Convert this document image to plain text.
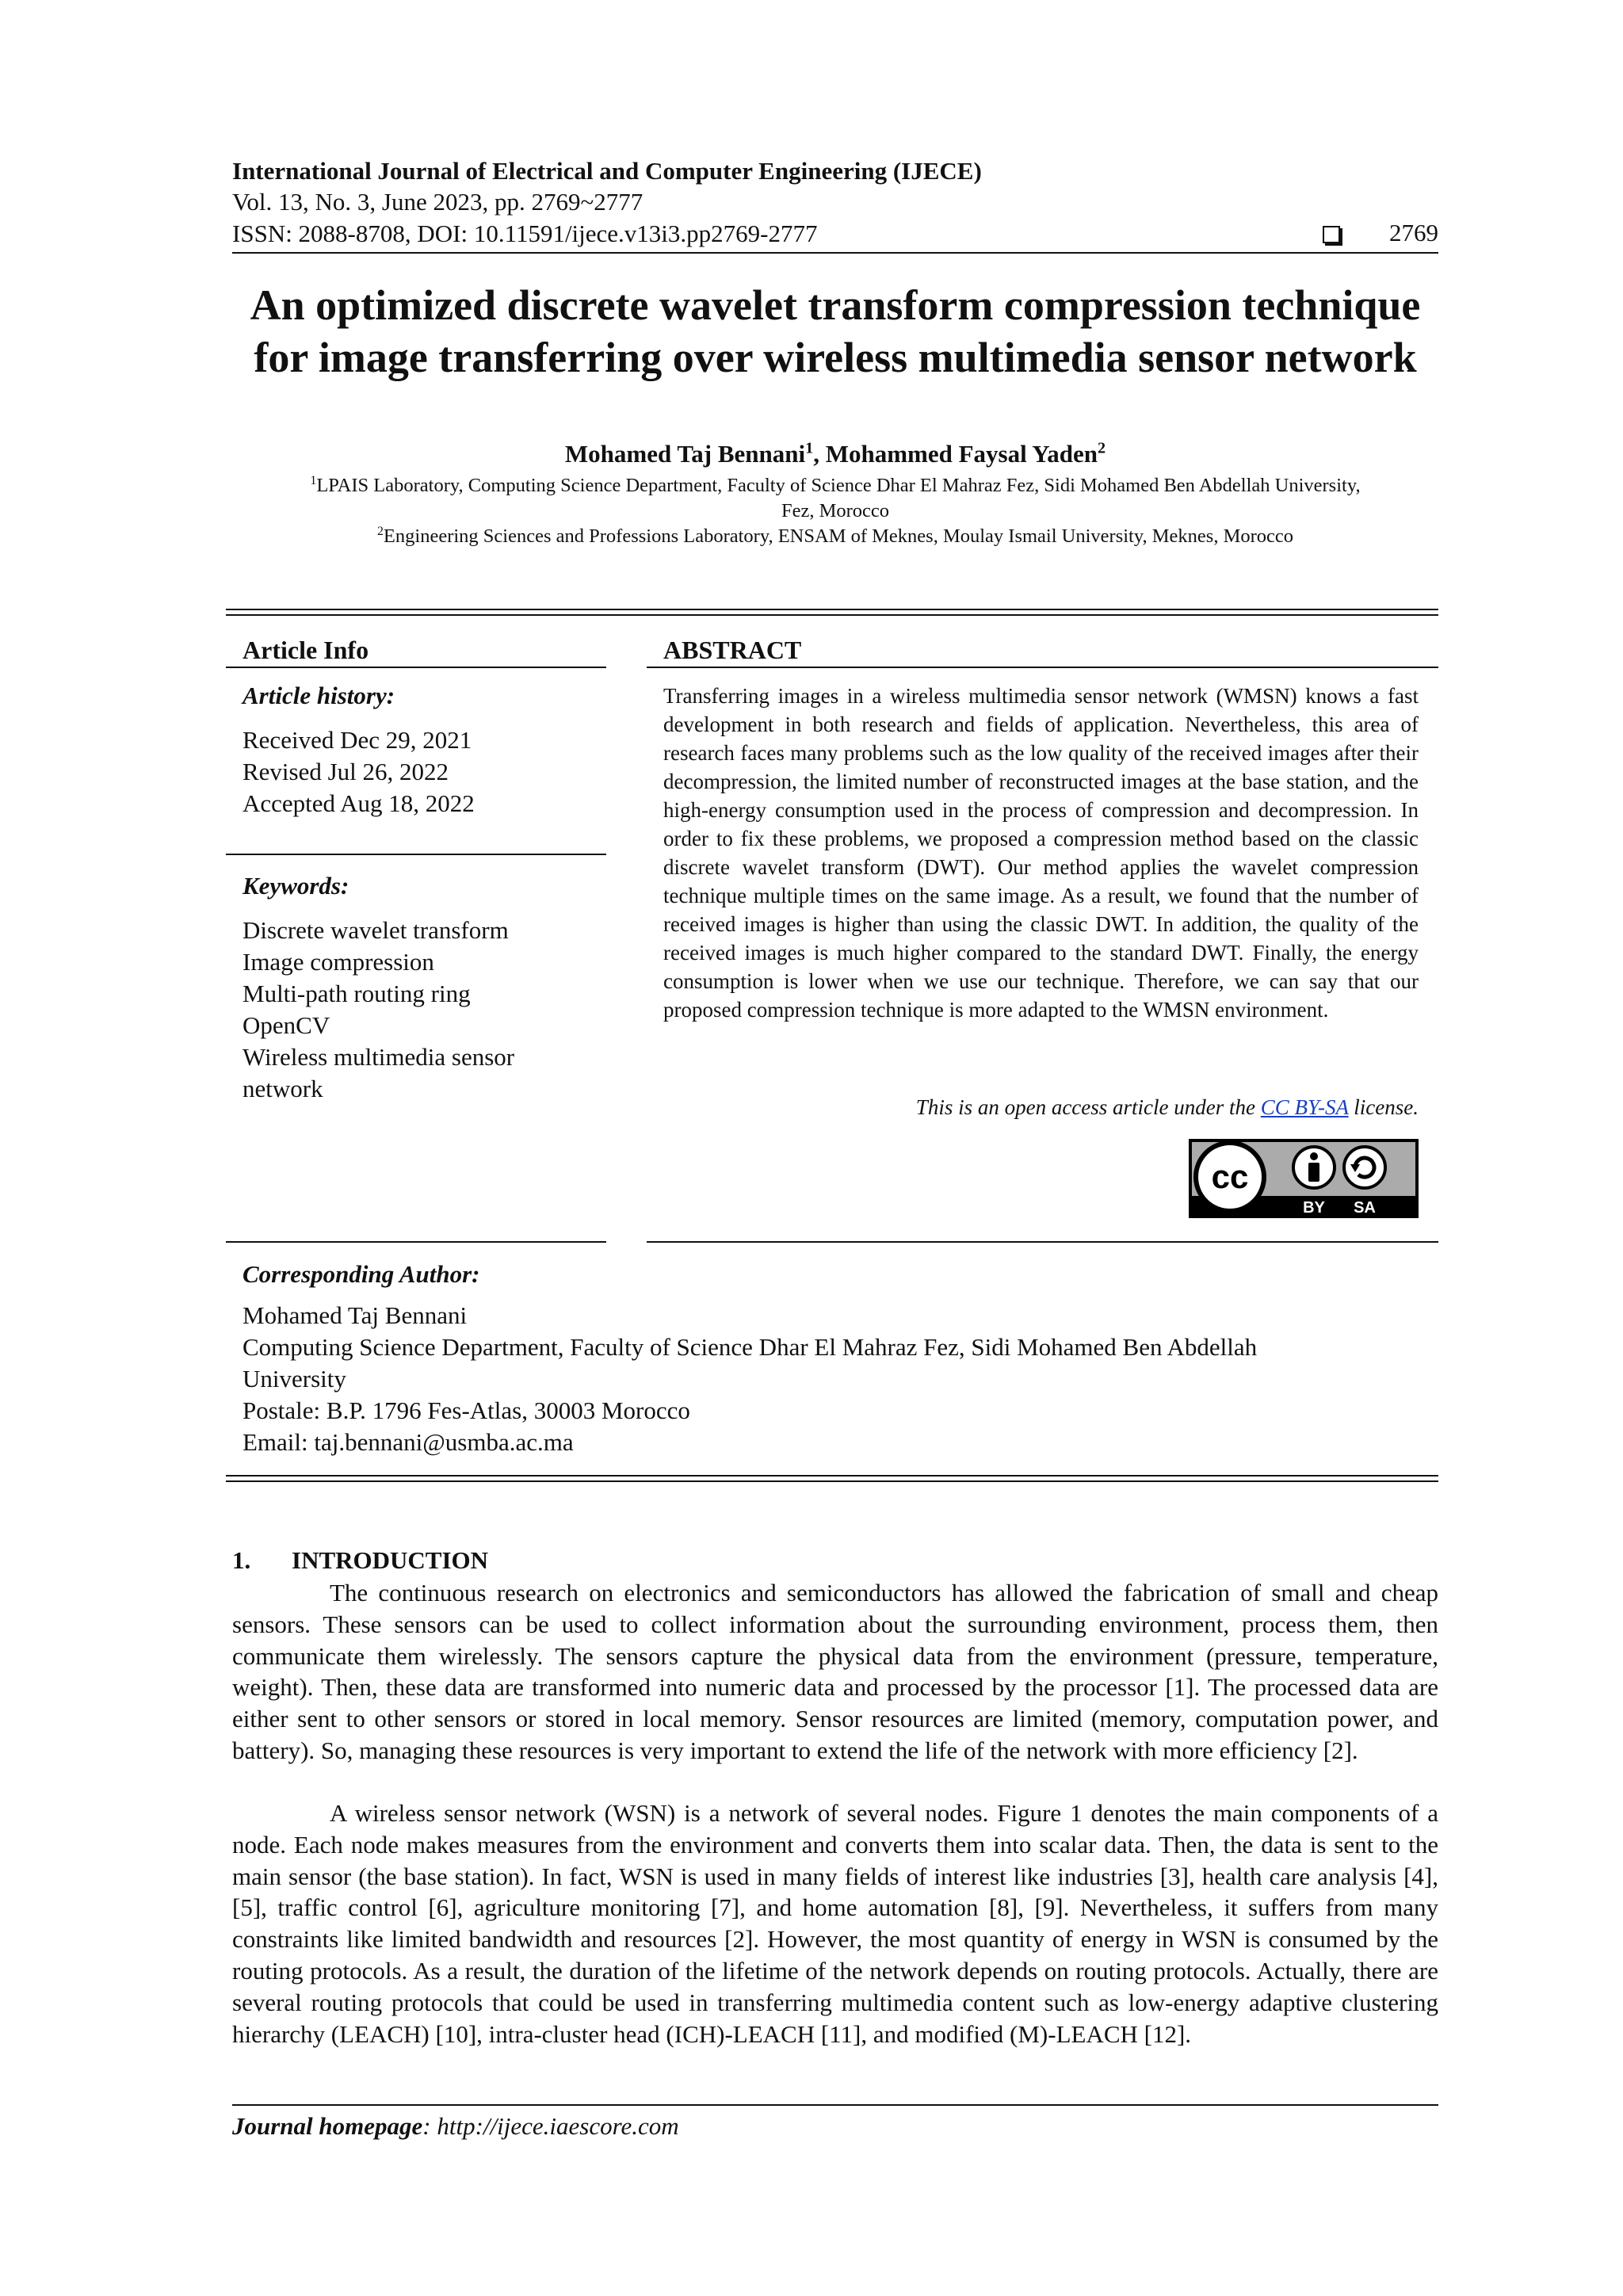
International Journal of Electrical and Computer Engineering (IJECE)
Vol. 13, No. 3, June 2023, pp. 2769~2777
ISSN: 2088-8708, DOI: 10.11591/ijece.v13i3.pp2769-2777	2769
An optimized discrete wavelet transform compression technique
for image transferring over wireless multimedia sensor network
Mohamed Taj Bennani$^1$, Mohammed Faysal Yaden$^2$
$^1$LPAIS Laboratory, Computing Science Department, Faculty of Science Dhar El Mahraz Fez, Sidi Mohamed Ben Abdellah University,
Fez, Morocco
$^2$Engineering Sciences and Professions Laboratory, ENSAM of Meknes, Moulay Ismail University, Meknes, Morocco
Article Info
Article history:
Received Dec 29, 2021
Revised Jul 26, 2022
Accepted Aug 18, 2022
Keywords:
Discrete wavelet transform
Image compression
Multi-path routing ring
OpenCV
Wireless multimedia sensor
network
ABSTRACT
Transferring images in a wireless multimedia sensor network (WMSN) knows a fast development in both research and fields of application. Nevertheless, this area of research faces many problems such as the low quality of the received images after their decompression, the limited number of reconstructed images at the base station, and the high-energy consumption used in the process of compression and decompression. In order to fix these problems, we proposed a compression method based on the classic discrete wavelet transform (DWT). Our method applies the wavelet compression technique multiple times on the same image. As a result, we found that the number of received images is higher than using the classic DWT. In addition, the quality of the received images is much higher compared to the standard DWT. Finally, the energy consumption is lower when we use our technique. Therefore, we can say that our proposed compression technique is more adapted to the WMSN environment.
This is an open access article under the CC BY-SA license.
cc
BY SA
Corresponding Author:
Mohamed Taj Bennani
Computing Science Department, Faculty of Science Dhar El Mahraz Fez, Sidi Mohamed Ben Abdellah
University
Postale: B.P. 1796 Fes-Atlas, 30003 Morocco
Email: taj.bennani@usmba.ac.ma
1. INTRODUCTION
The continuous research on electronics and semiconductors has allowed the fabrication of small and cheap sensors. These sensors can be used to collect information about the surrounding environment, process them, then communicate them wirelessly. The sensors capture the physical data from the environment (pressure, temperature, weight). Then, these data are transformed into numeric data and processed by the processor [1]. The processed data are either sent to other sensors or stored in local memory. Sensor resources are limited (memory, computation power, and battery). So, managing these resources is very important to extend the life of the network with more efficiency [2].
A wireless sensor network (WSN) is a network of several nodes. Figure 1 denotes the main components of a node. Each node makes measures from the environment and converts them into scalar data. Then, the data is sent to the main sensor (the base station). In fact, WSN is used in many fields of interest like industries [3], health care analysis [4], [5], traffic control [6], agriculture monitoring [7], and home automation [8], [9]. Nevertheless, it suffers from many constraints like limited bandwidth and resources [2]. However, the most quantity of energy in WSN is consumed by the routing protocols. As a result, the duration of the lifetime of the network depends on routing protocols. Actually, there are several routing protocols that could be used in transferring multimedia content such as low-energy adaptive clustering hierarchy (LEACH) [10], intra-cluster head (ICH)-LEACH [11], and modified (M)-LEACH [12].
Journal homepage: http://ijece.iaescore.com
